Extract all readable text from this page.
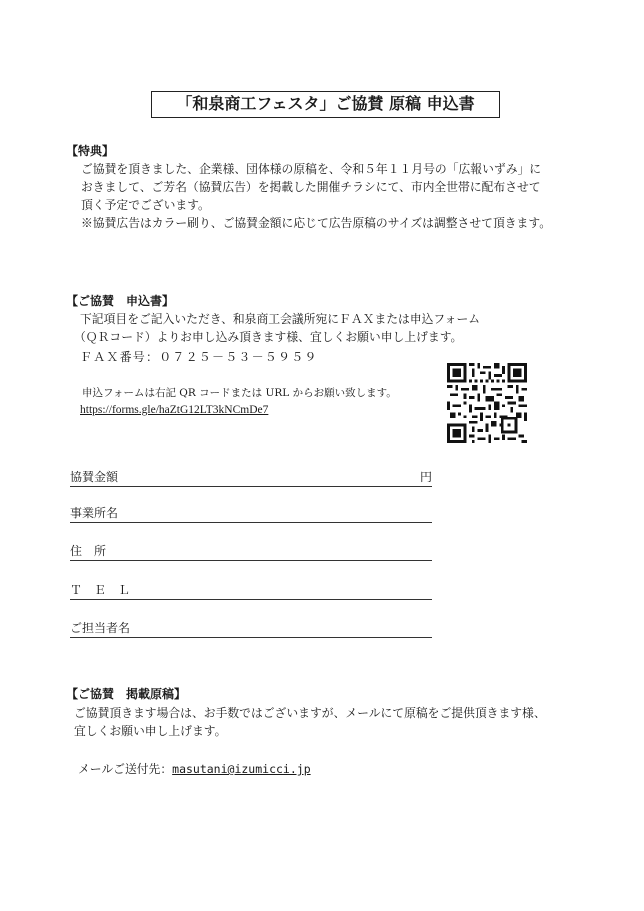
「和泉商工フェスタ」ご協賛 原稿 申込書
【特典】
ご協賛を頂きました、企業様、団体様の原稿を、令和５年１１月号の「広報いずみ」に
おきまして、ご芳名（協賛広告）を掲載した開催チラシにて、市内全世帯に配布させて
頂く予定でございます。
※協賛広告はカラー刷り、ご協賛金額に応じて広告原稿のサイズは調整させて頂きます。
【ご協賛　申込書】
下記項目をご記入いただき、和泉商工会議所宛にＦＡＸまたは申込フォーム
（ＱＲコード）よりお申し込み頂きます様、宜しくお願い申し上げます。
ＦＡＸ番号：０７２５－５３－５９５９
申込フォームは右記 QR コードまたは URL からお願い致します。
https://forms.gle/haZtG12LT3kNCmDe7
協賛金額	円
事業所名
住　所
ＴＥＬ
ご担当者名
【ご協賛　掲載原稿】
ご協賛頂きます場合は、お手数ではございますが、メールにて原稿をご提供頂きます様、
宜しくお願い申し上げます。
メールご送付先：masutani@izumicci.jp
